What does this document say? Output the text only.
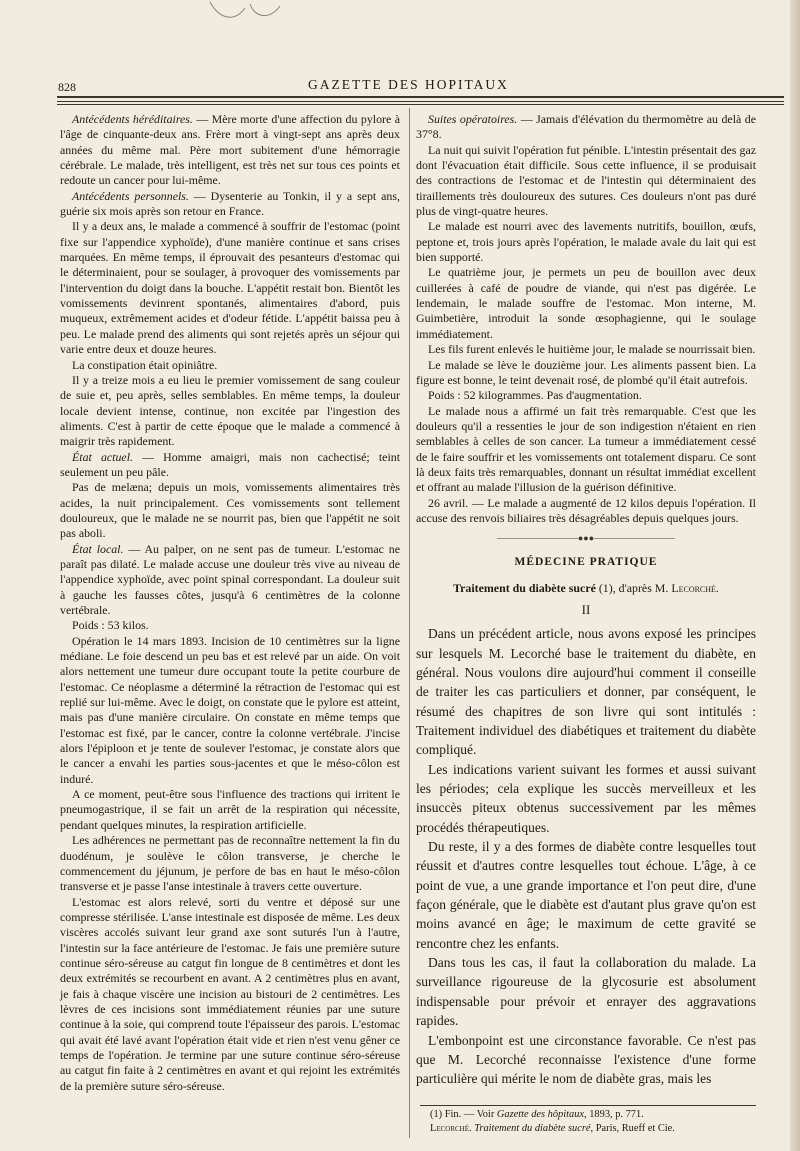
828	GAZETTE DES HOPITAUX

Antécédents héréditaires. — Mère morte d'une affection du pylore à l'âge de cinquante-deux ans. Frère mort à vingt-sept ans après deux années du même mal. Père mort subitement d'une hémorragie cérébrale. Le malade, très intelligent, est très net sur tous ces points et redoute un cancer pour lui-même.

Antécédents personnels. — Dysenterie au Tonkin, il y a sept ans, guérie six mois après son retour en France.

Il y a deux ans, le malade a commencé à souffrir de l'estomac (point fixe sur l'appendice xyphoïde), d'une manière continue et sans crises marquées. En même temps, il éprouvait des pesanteurs d'estomac qui le déterminaient, pour se soulager, à provoquer des vomissements par l'intervention du doigt dans la bouche. L'appétit restait bon. Bientôt les vomissements devinrent spontanés, alimentaires d'abord, puis muqueux, extrêmement acides et d'odeur fétide. L'appétit baissa peu à peu. Le malade prend des aliments qui sont rejetés après un séjour qui varie entre deux et douze heures.

La constipation était opiniâtre.

Il y a treize mois a eu lieu le premier vomissement de sang couleur de suie et, peu après, selles semblables. En même temps, la douleur locale devient intense, continue, non excitée par l'ingestion des aliments. C'est à partir de cette époque que le malade a commencé à maigrir très rapidement.

État actuel. — Homme amaigri, mais non cachectisé; teint seulement un peu pâle.

Pas de melæna; depuis un mois, vomissements alimentaires très acides, la nuit principalement. Ces vomissements sont tellement douloureux, que le malade ne se nourrit pas, bien que l'appétit ne soit pas aboli.

État local. — Au palper, on ne sent pas de tumeur. L'estomac ne paraît pas dilaté. Le malade accuse une douleur très vive au niveau de l'appendice xyphoïde, avec point spinal correspondant. La douleur suit à gauche les fausses côtes, jusqu'à 6 centimètres de la colonne vertébrale.

Poids : 53 kilos.

Opération le 14 mars 1893. Incision de 10 centimètres sur la ligne médiane. Le foie descend un peu bas et est relevé par un aide. On voit alors nettement une tumeur dure occupant toute la petite courbure de l'estomac. Ce néoplasme a déterminé la rétraction de l'estomac qui est replié sur lui-même. Avec le doigt, on constate que le pylore est atteint, mais pas d'une manière circulaire. On constate en même temps que l'estomac est fixé, par le cancer, contre la colonne vertébrale. J'incise alors l'épiploon et je tente de soulever l'estomac, je constate alors que le cancer a envahi les parties sous-jacentes et que le méso-côlon est induré.

A ce moment, peut-être sous l'influence des tractions qui irritent le pneumogastrique, il se fait un arrêt de la respiration qui nécessite, pendant quelques minutes, la respiration artificielle.

Les adhérences ne permettant pas de reconnaître nettement la fin du duodénum, je soulève le côlon transverse, je cherche le commencement du jéjunum, je perfore de bas en haut le méso-côlon transverse et je passe l'anse intestinale à travers cette ouverture.

L'estomac est alors relevé, sorti du ventre et déposé sur une compresse stérilisée. L'anse intestinale est disposée de même. Les deux viscères accolés suivant leur grand axe sont suturés l'un à l'autre, l'intestin sur la face antérieure de l'estomac. Je fais une première suture continue séro-séreuse au catgut fin longue de 8 centimètres et dont les deux extrémités se recourbent en avant. A 2 centimètres plus en avant, je fais à chaque viscère une incision au bistouri de 2 centimètres. Les lèvres de ces incisions sont immédiatement réunies par une suture continue à la soie, qui comprend toute l'épaisseur des parois. L'estomac qui avait été lavé avant l'opération était vide et rien n'est venu gêner ce temps de l'opération. Je termine par une suture continue séro-séreuse au catgut fin faite à 2 centimètres en avant et qui rejoint les extrémités de la première suture séro-séreuse.

Suites opératoires. — Jamais d'élévation du thermomètre au delà de 37°8.

La nuit qui suivit l'opération fut pénible. L'intestin présentait des gaz dont l'évacuation était difficile. Sous cette influence, il se produisait des contractions de l'estomac et de l'intestin qui déterminaient des tiraillements très douloureux des sutures. Ces douleurs n'ont pas duré plus de vingt-quatre heures.

Le malade est nourri avec des lavements nutritifs, bouillon, œufs, peptone et, trois jours après l'opération, le malade avale du lait qui est bien supporté.

Le quatrième jour, je permets un peu de bouillon avec deux cuillerées à café de poudre de viande, qui n'est pas digérée. Le lendemain, le malade souffre de l'estomac. Mon interne, M. Guimbetière, introduit la sonde œsophagienne, qui le soulage immédiatement.

Les fils furent enlevés le huitième jour, le malade se nourrissait bien.

Le malade se lève le douzième jour. Les aliments passent bien. La figure est bonne, le teint devenait rosé, de plombé qu'il était autrefois.

Poids : 52 kilogrammes. Pas d'augmentation.

Le malade nous a affirmé un fait très remarquable. C'est que les douleurs qu'il a ressenties le jour de son indigestion n'étaient en rien semblables à celles de son cancer. La tumeur a immédiatement cessé de le faire souffrir et les vomissements ont totalement disparu. Ce sont là deux faits très remarquables, donnant un résultat immédiat excellent et offrant au malade l'illusion de la guérison définitive.

26 avril. — Le malade a augmenté de 12 kilos depuis l'opération. Il accuse des renvois biliaires très désagréables depuis quelques jours.

―――――――――●●●―――――――――
MÉDECINE PRATIQUE
Traitement du diabète sucré (1), d'après M. Lecorché.
II

Dans un précédent article, nous avons exposé les principes sur lesquels M. Lecorché base le traitement du diabète, en général. Nous voulons dire aujourd'hui comment il conseille de traiter les cas particuliers et donner, par conséquent, le résumé des chapitres de son livre qui sont intitulés : Traitement individuel des diabétiques et traitement du diabète compliqué.

Les indications varient suivant les formes et aussi suivant les périodes; cela explique les succès merveilleux et les insuccès piteux obtenus successivement par les mêmes procédés thérapeutiques.

Du reste, il y a des formes de diabète contre lesquelles tout réussit et d'autres contre lesquelles tout échoue. L'âge, à ce point de vue, a une grande importance et l'on peut dire, d'une façon générale, que le diabète est d'autant plus grave qu'on est moins avancé en âge; le maximum de cette gravité se rencontre chez les enfants.

Dans tous les cas, il faut la collaboration du malade. La surveillance rigoureuse de la glycosurie est absolument indispensable pour prévoir et enrayer des aggravations rapides.

L'embonpoint est une circonstance favorable. Ce n'est pas que M. Lecorché reconnaisse l'existence d'une forme particulière qui mérite le nom de diabète gras, mais les

(1) Fin. — Voir Gazette des hôpitaux, 1893, p. 771.
Lecorché. Traitement du diabète sucré, Paris, Rueff et Cie.
